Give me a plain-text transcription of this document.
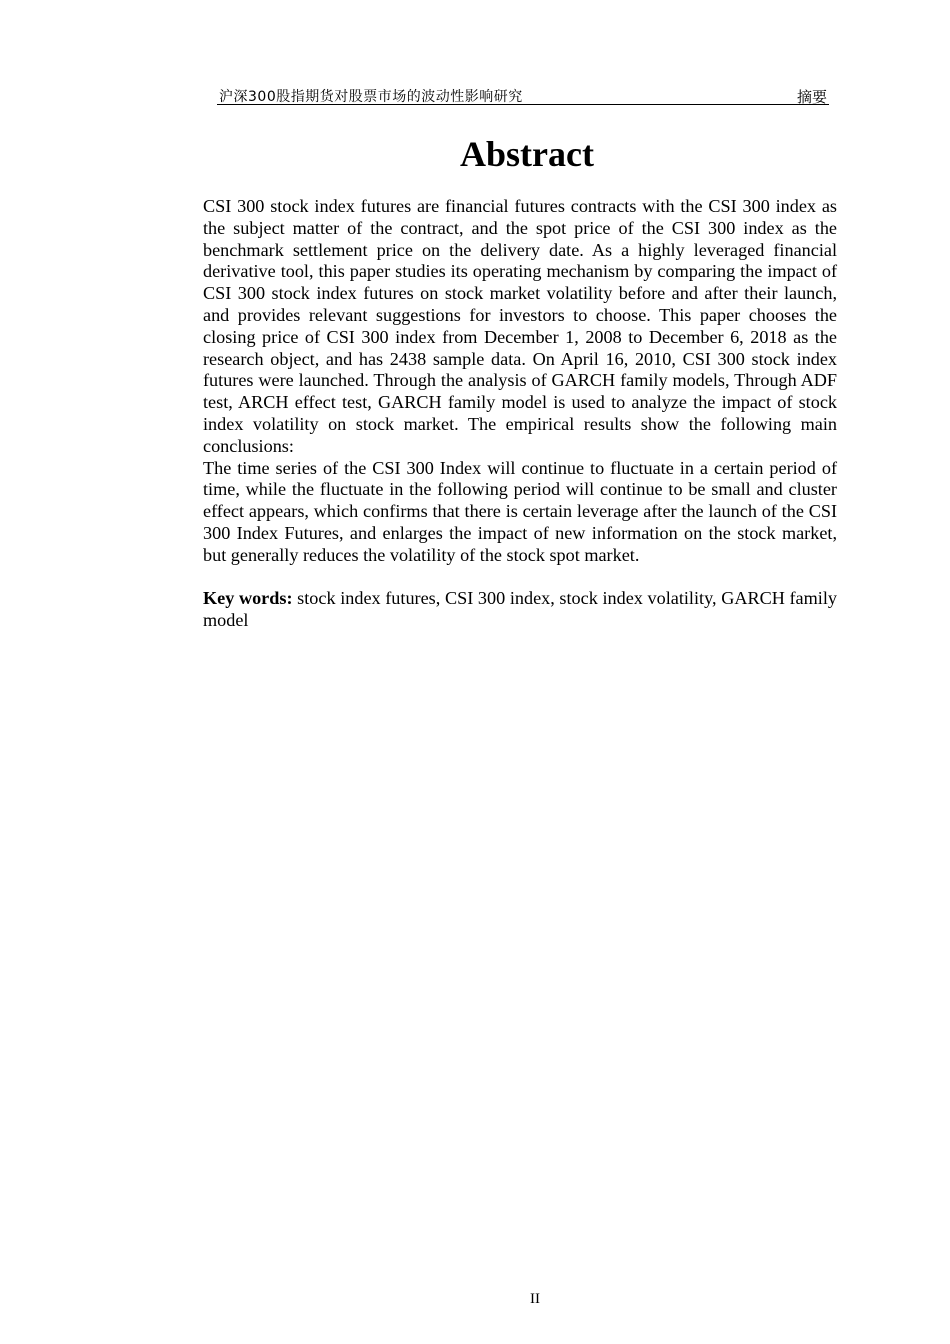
沪深300股指期货对股票市场的波动性影响研究	摘要
Abstract

CSI 300 stock index futures are financial futures contracts with the CSI 300 index as the subject matter of the contract, and the spot price of the CSI 300 index as the benchmark settlement price on the delivery date. As a highly leveraged financial derivative tool, this paper studies its operating mechanism by comparing the impact of CSI 300 stock index futures on stock market volatility before and after their launch, and provides relevant suggestions for investors to choose. This paper chooses the closing price of CSI 300 index from December 1, 2008 to December 6, 2018 as the research object, and has 2438 sample data. On April 16, 2010, CSI 300 stock index futures were launched. Through the analysis of GARCH family models, Through ADF test, ARCH effect test, GARCH family model is used to analyze the impact of stock index volatility on stock market. The empirical results show the following main conclusions:

The time series of the CSI 300 Index will continue to fluctuate in a certain period of time, while the fluctuate in the following period will continue to be small and cluster effect appears, which confirms that there is certain leverage after the launch of the CSI 300 Index Futures, and enlarges the impact of new information on the stock market, but generally reduces the volatility of the stock spot market.

Key words: stock index futures, CSI 300 index, stock index volatility, GARCH family model

II
